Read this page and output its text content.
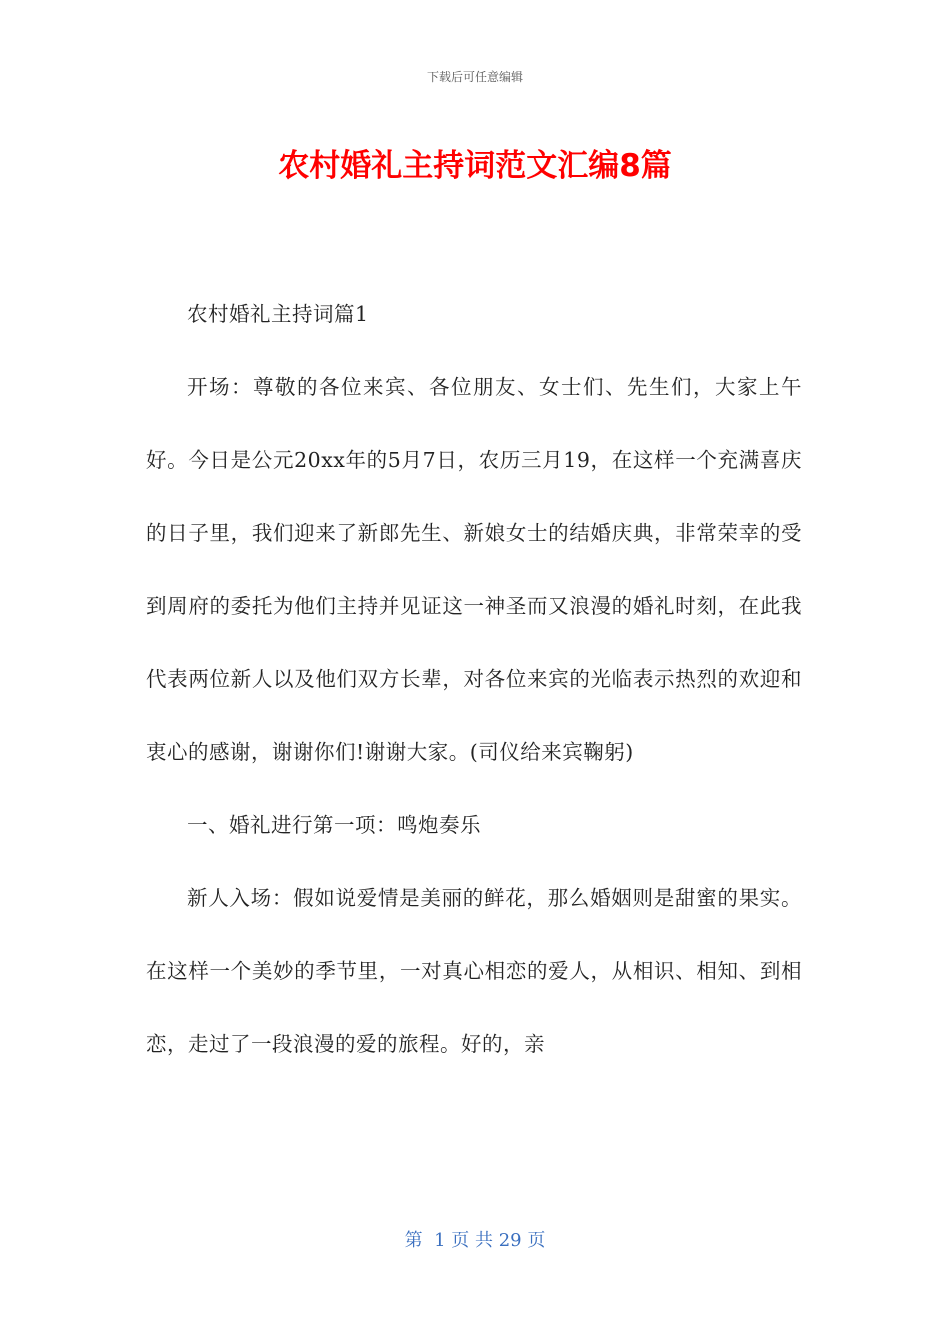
下载后可任意编辑
农村婚礼主持词范文汇编8篇

农村婚礼主持词篇1

开场：尊敬的各位来宾、各位朋友、女士们、先生们，大家上午好。今日是公元20xx年的5月7日，农历三月19，在这样一个充满喜庆的日子里，我们迎来了新郎先生、新娘女士的结婚庆典，非常荣幸的受到周府的委托为他们主持并见证这一神圣而又浪漫的婚礼时刻，在此我代表两位新人以及他们双方长辈，对各位来宾的光临表示热烈的欢迎和衷心的感谢，谢谢你们!谢谢大家。(司仪给来宾鞠躬)

一、婚礼进行第一项：鸣炮奏乐

新人入场：假如说爱情是美丽的鲜花，那么婚姻则是甜蜜的果实。在这样一个美妙的季节里，一对真心相恋的爱人，从相识、相知、到相恋，走过了一段浪漫的爱的旅程。好的，亲

第  1 页 共 29 页
